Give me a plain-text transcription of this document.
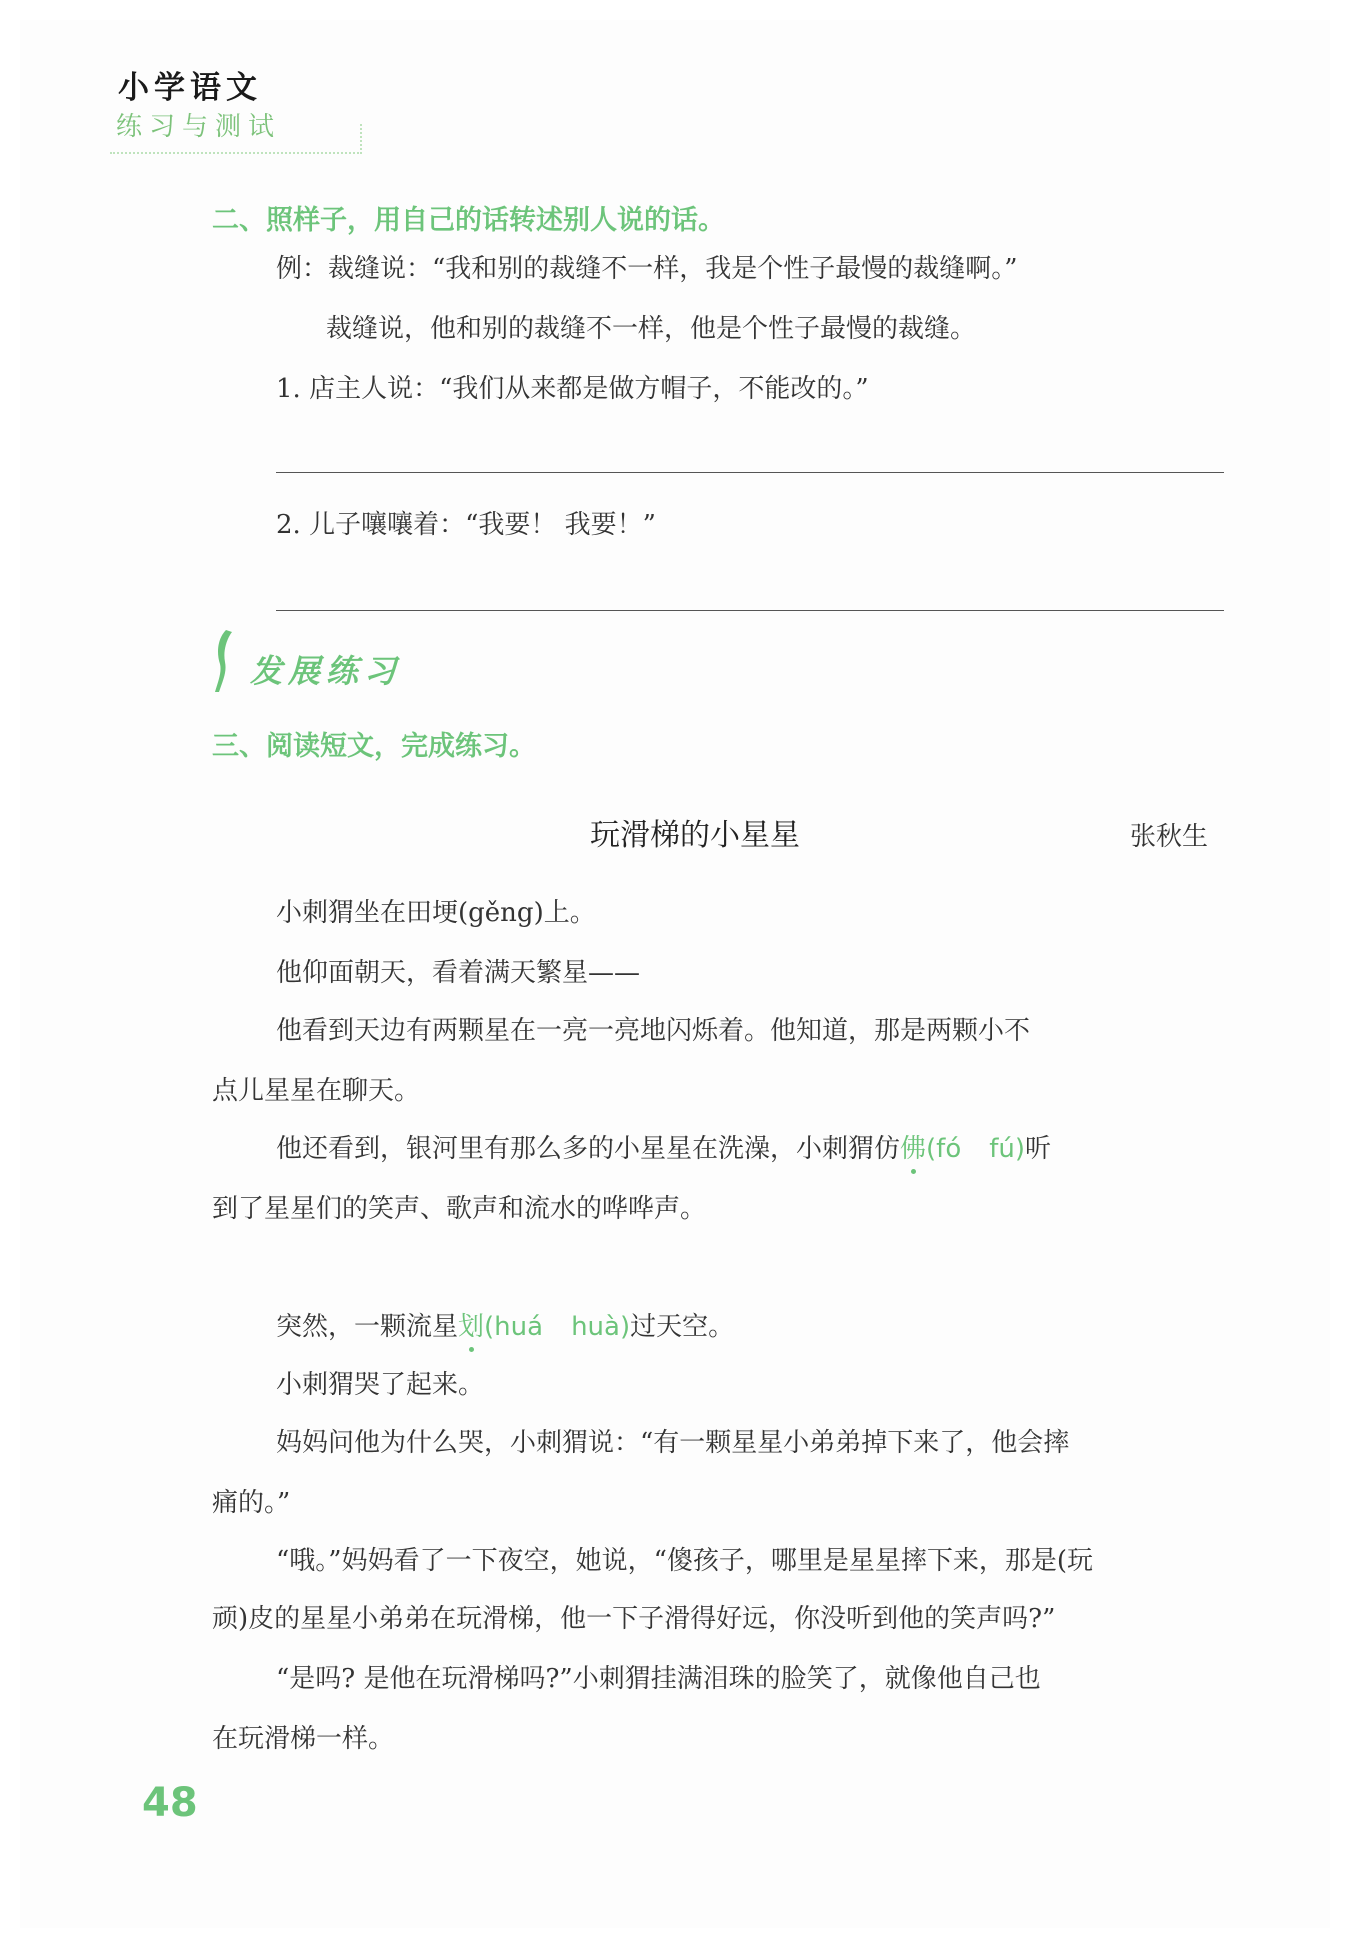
小学语文
练习与测试
二、照样子，用自己的话转述别人说的话。
例：裁缝说：“我和别的裁缝不一样，我是个性子最慢的裁缝啊。”
裁缝说，他和别的裁缝不一样，他是个性子最慢的裁缝。
1. 店主人说：“我们从来都是做方帽子，不能改的。”
2. 儿子嚷嚷着：“我要！ 我要！”
发展练习
三、阅读短文，完成练习。
玩滑梯的小星星	张秋生
小刺猬坐在田埂(gěng)上。
他仰面朝天，看着满天繁星——
他看到天边有两颗星在一亮一亮地闪烁着。他知道，那是两颗小不
点儿星星在聊天。
他还看到，银河里有那么多的小星星在洗澡，小刺猬仿佛(fó fú)听
到了星星们的笑声、歌声和流水的哗哗声。
突然，一颗流星划(huá huà)过天空。
小刺猬哭了起来。
妈妈问他为什么哭，小刺猬说：“有一颗星星小弟弟掉下来了，他会摔
痛的。”
“哦。”妈妈看了一下夜空，她说，“傻孩子，哪里是星星摔下来，那是(玩
顽)皮的星星小弟弟在玩滑梯，他一下子滑得好远，你没听到他的笑声吗?”
“是吗? 是他在玩滑梯吗?”小刺猬挂满泪珠的脸笑了，就像他自己也
在玩滑梯一样。
48
